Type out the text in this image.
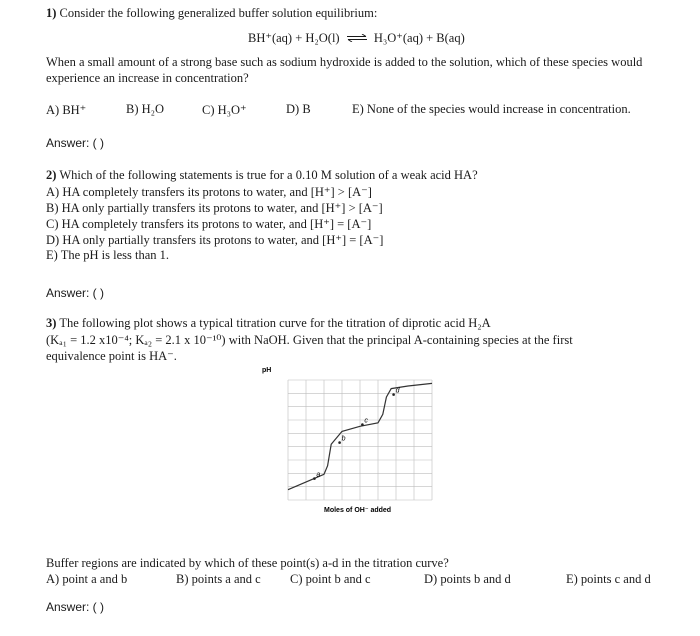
1) Consider the following generalized buffer solution equilibrium:
BH⁺(aq) + H₂O(l) ⇌ H₃O⁺(aq) + B(aq)
When a small amount of a strong base such as sodium hydroxide is added to the solution, which of these species would experience an increase in concentration?
A) BH⁺	B) H₂O	C) H₃O⁺	D) B	E) None of the species would increase in concentration.
Answer: ( )
2) Which of the following statements is true for a 0.10 M solution of a weak acid HA?
A) HA completely transfers its protons to water, and [H⁺] > [A⁻]
B) HA only partially transfers its protons to water, and [H⁺] > [A⁻]
C) HA completely transfers its protons to water, and [H⁺] = [A⁻]
D) HA only partially transfers its protons to water, and [H⁺] = [A⁻]
E) The pH is less than 1.
Answer: ( )
3) The following plot shows a typical titration curve for the titration of diprotic acid H₂A
(Kₐ₁ = 1.2 x10⁻⁴; Kₐ₂ = 2.1 x 10⁻¹⁰) with NaOH. Given that the principal A-containing species at the first
equivalence point is HA⁻.
pH
Moles of OH⁻ added
a
b
c
d
Buffer regions are indicated by which of these point(s) a-d in the titration curve?
A) point a and b	B) points a and c C) point b and c	D) points b and d	E) points c and d
Answer: ( )
